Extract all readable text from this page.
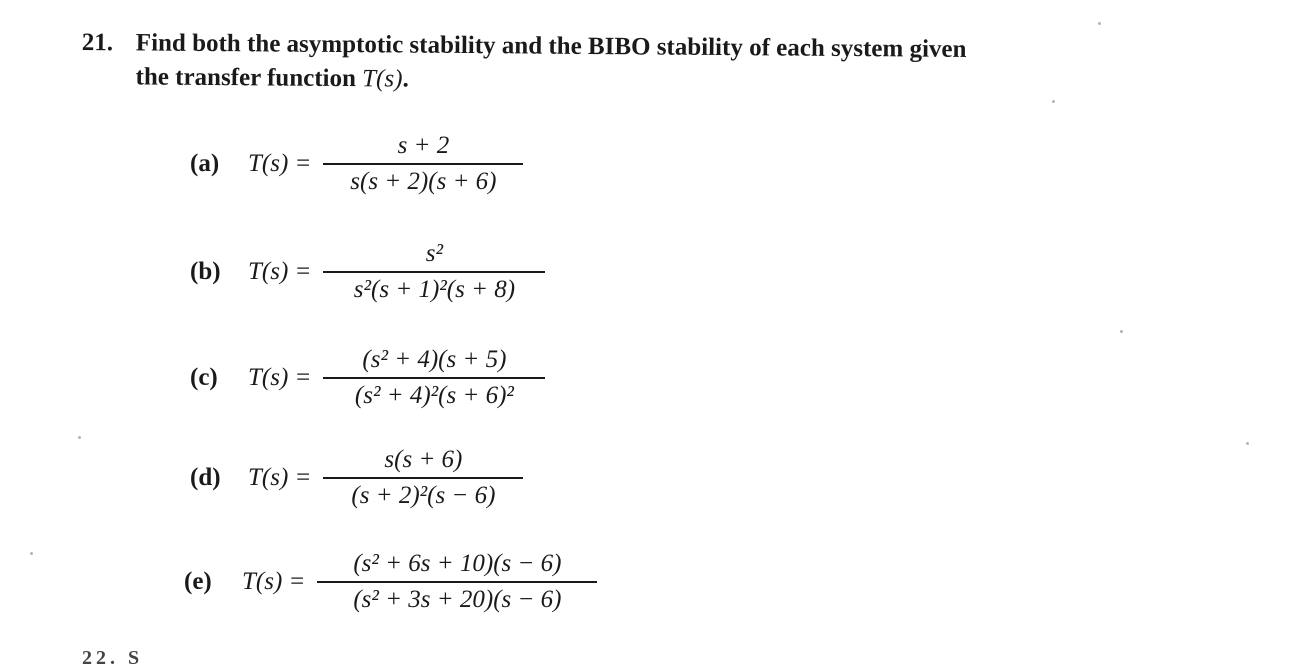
21. Find both the asymptotic stability and the BIBO stability of each system given
the transfer function T(s).
(a)	$T(s) = \frac{s + 2}{s(s + 2)(s + 6)}$
(b)	$T(s) = \frac{\text{s²}}{\text{s²(s + 1)²(s + 8)}}$
(c)	$T(s) = \frac{\text{(s² + 4)(s + 5)}}{\text{(s² + 4)²(s + 6)²}}$
(d)	$T(s) = \frac{s(s + 6)}{\text{(s + 2)²(s − 6)}}$
(e)	$T(s) = \frac{\text{(s² + 6s + 10)(s − 6)}}{\text{(s² + 3s + 20)(s − 6)}}$
22. S
